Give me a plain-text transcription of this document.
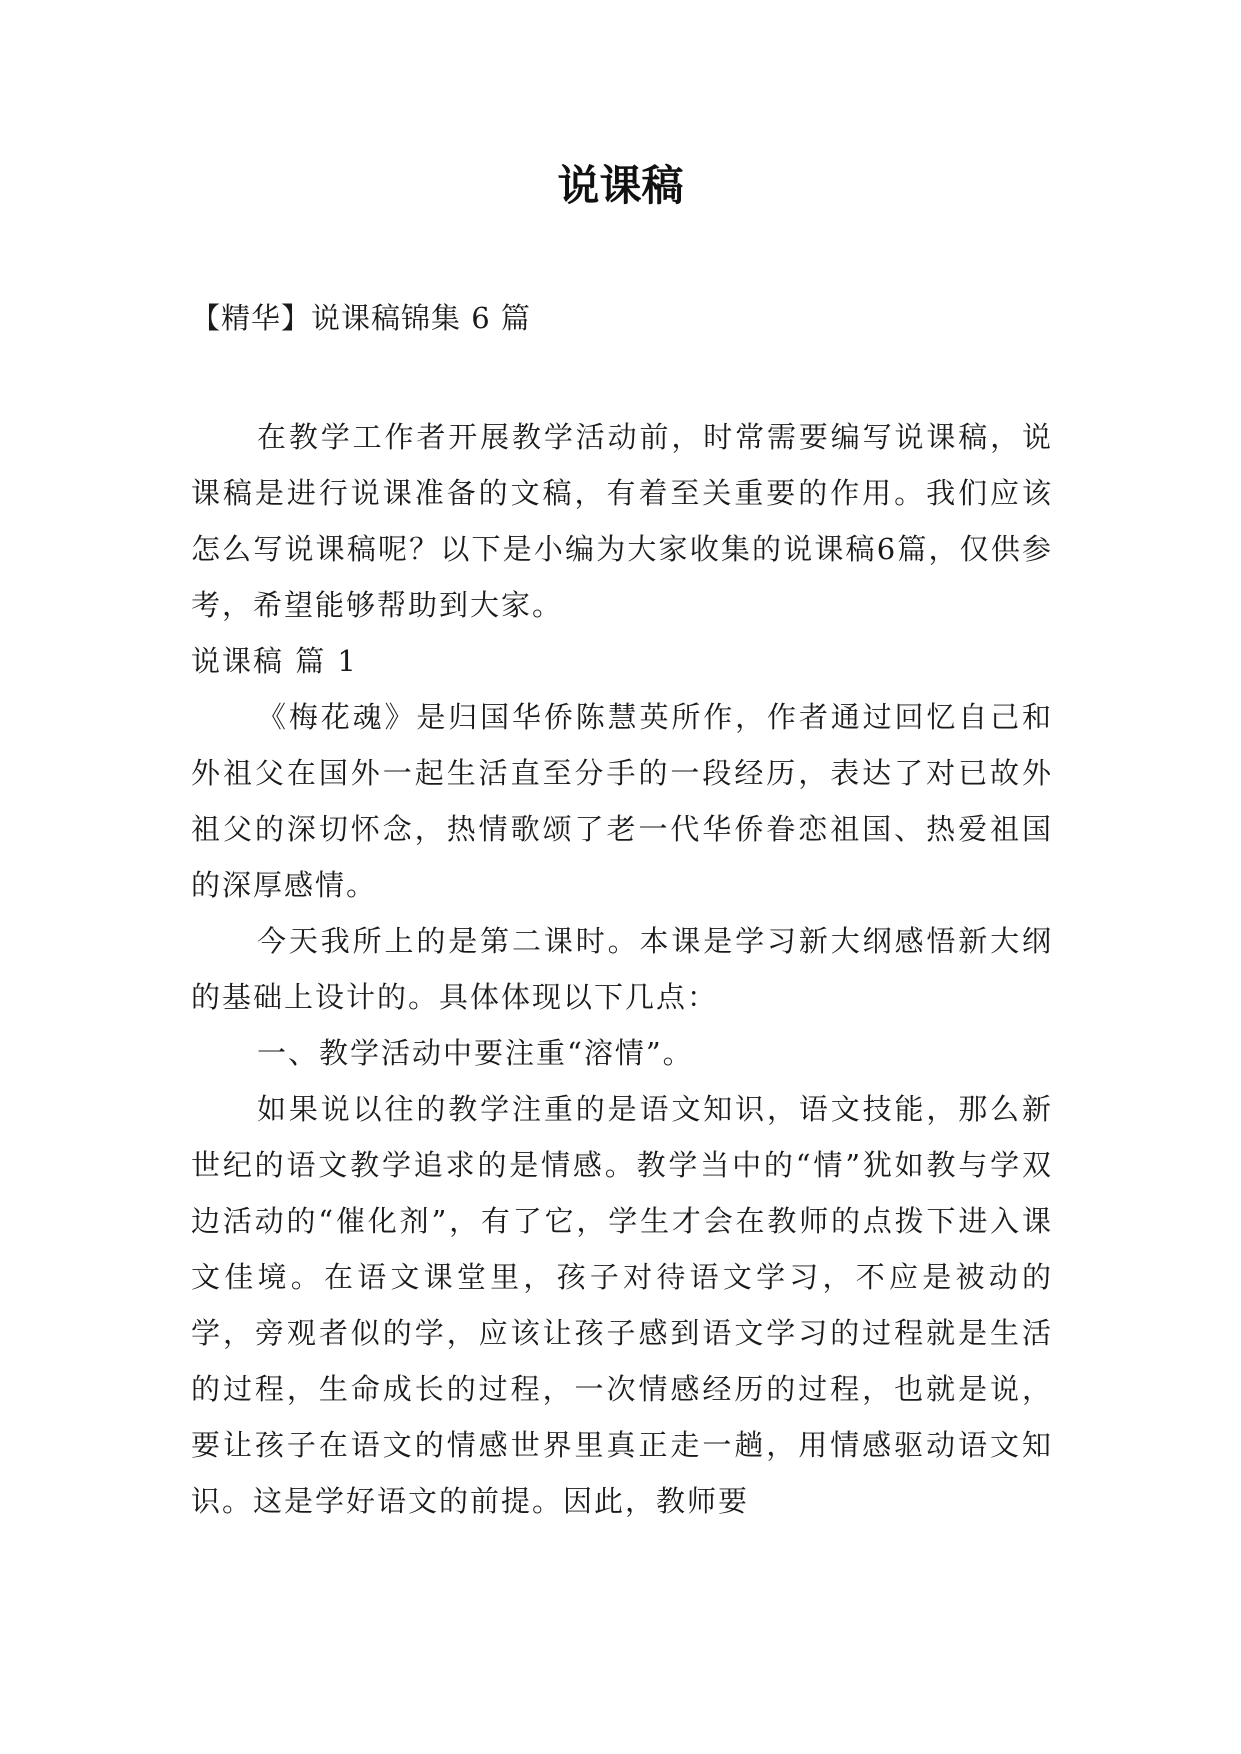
说课稿

【精华】说课稿锦集 6 篇

在教学工作者开展教学活动前，时常需要编写说课稿，说课稿是进行说课准备的文稿，有着至关重要的作用。我们应该怎么写说课稿呢？以下是小编为大家收集的说课稿6篇，仅供参考，希望能够帮助到大家。

说课稿 篇 1

《梅花魂》是归国华侨陈慧英所作，作者通过回忆自己和外祖父在国外一起生活直至分手的一段经历，表达了对已故外祖父的深切怀念，热情歌颂了老一代华侨眷恋祖国、热爱祖国的深厚感情。

今天我所上的是第二课时。本课是学习新大纲感悟新大纲的基础上设计的。具体体现以下几点：

一、教学活动中要注重“溶情”。

如果说以往的教学注重的是语文知识，语文技能，那么新世纪的语文教学追求的是情感。教学当中的“情”犹如教与学双边活动的“催化剂”，有了它，学生才会在教师的点拨下进入课文佳境。在语文课堂里，孩子对待语文学习，不应是被动的学，旁观者似的学，应该让孩子感到语文学习的过程就是生活的过程，生命成长的过程，一次情感经历的过程，也就是说，要让孩子在语文的情感世界里真正走一趟，用情感驱动语文知识。这是学好语文的前提。因此，教师要
